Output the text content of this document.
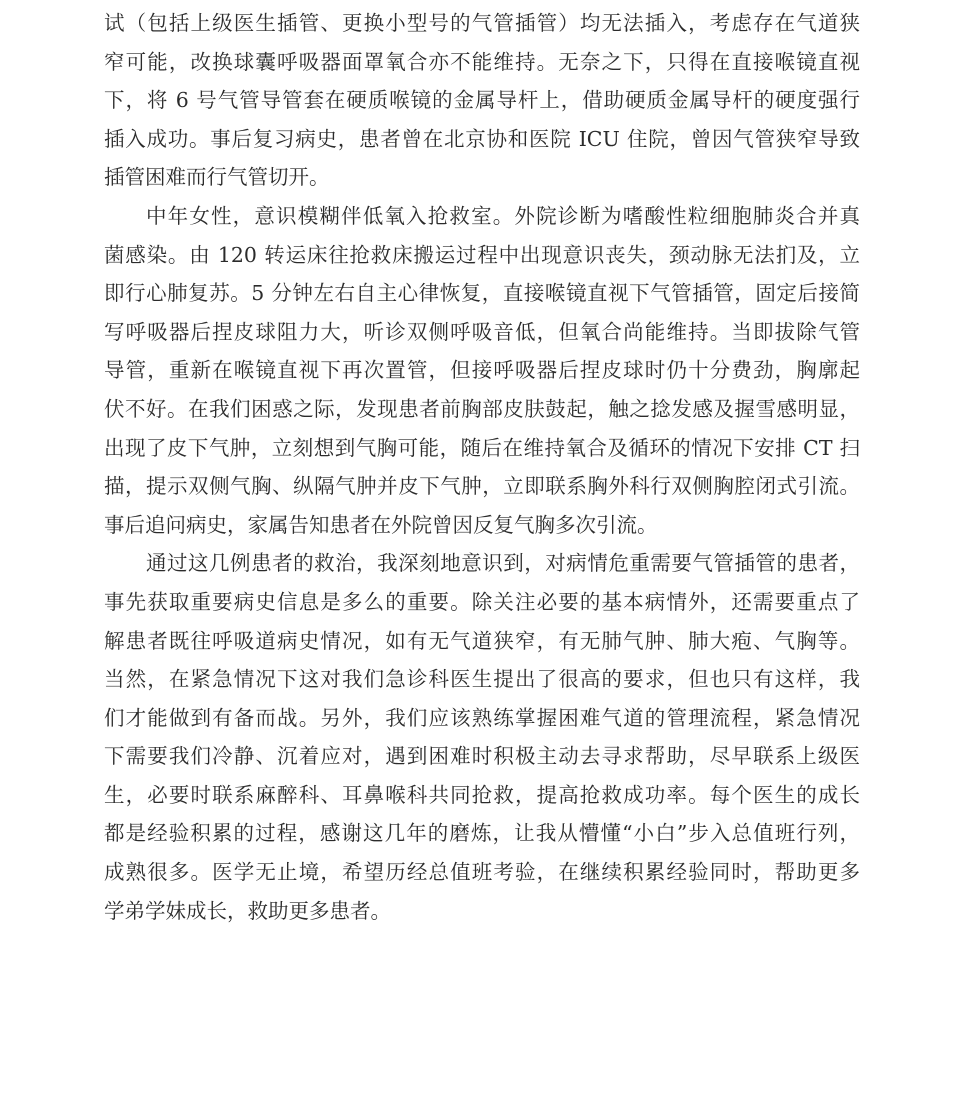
试（包括上级医生插管、更换小型号的气管插管）均无法插入，考虑存在气道狭
窄可能，改换球囊呼吸器面罩氧合亦不能维持。无奈之下，只得在直接喉镜直视
下，将 6 号气管导管套在硬质喉镜的金属导杆上，借助硬质金属导杆的硬度强行
插入成功。事后复习病史，患者曾在北京协和医院 ICU 住院，曾因气管狭窄导致
插管困难而行气管切开。
中年女性，意识模糊伴低氧入抢救室。外院诊断为嗜酸性粒细胞肺炎合并真
菌感染。由 120 转运床往抢救床搬运过程中出现意识丧失，颈动脉无法扪及，立
即行心肺复苏。5 分钟左右自主心律恢复，直接喉镜直视下气管插管，固定后接简
写呼吸器后捏皮球阻力大，听诊双侧呼吸音低，但氧合尚能维持。当即拔除气管
导管，重新在喉镜直视下再次置管，但接呼吸器后捏皮球时仍十分费劲，胸廓起
伏不好。在我们困惑之际，发现患者前胸部皮肤鼓起，触之捻发感及握雪感明显，
出现了皮下气肿，立刻想到气胸可能，随后在维持氧合及循环的情况下安排 CT 扫
描，提示双侧气胸、纵隔气肿并皮下气肿，立即联系胸外科行双侧胸腔闭式引流。
事后追问病史，家属告知患者在外院曾因反复气胸多次引流。
通过这几例患者的救治，我深刻地意识到，对病情危重需要气管插管的患者，
事先获取重要病史信息是多么的重要。除关注必要的基本病情外，还需要重点了
解患者既往呼吸道病史情况，如有无气道狭窄，有无肺气肿、肺大疱、气胸等。
当然，在紧急情况下这对我们急诊科医生提出了很高的要求，但也只有这样，我
们才能做到有备而战。另外，我们应该熟练掌握困难气道的管理流程，紧急情况
下需要我们冷静、沉着应对，遇到困难时积极主动去寻求帮助，尽早联系上级医
生，必要时联系麻醉科、耳鼻喉科共同抢救，提高抢救成功率。每个医生的成长
都是经验积累的过程，感谢这几年的磨炼，让我从懵懂“小白”步入总值班行列，
成熟很多。医学无止境，希望历经总值班考验，在继续积累经验同时，帮助更多
学弟学妹成长，救助更多患者。
